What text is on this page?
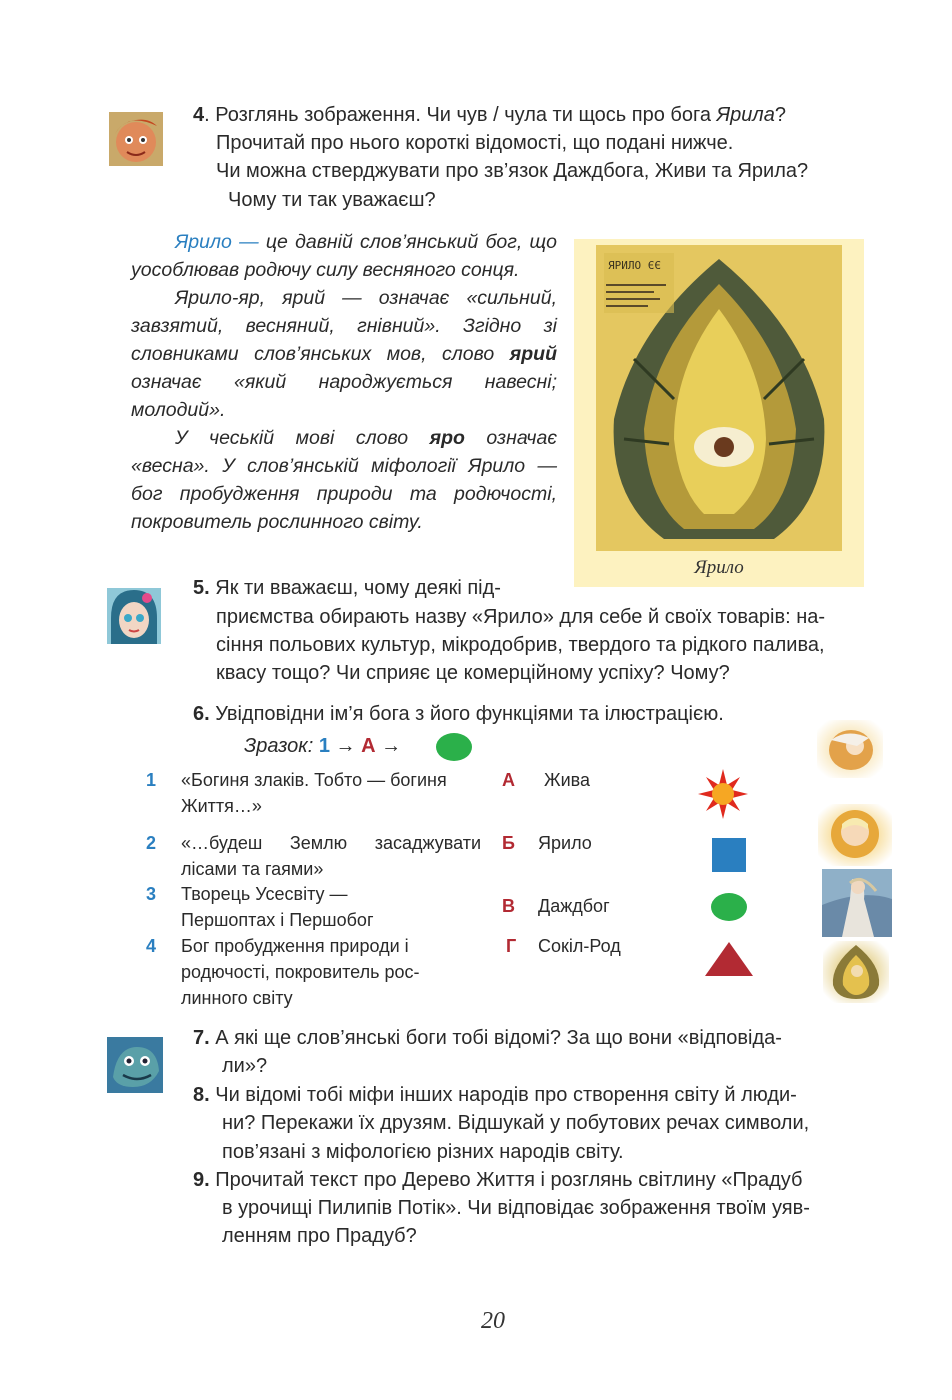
4. Розглянь зображення. Чи чув / чула ти щось про бога Ярила?
Прочитай про нього короткі відомості, що подані нижче.
Чи можна стверджувати про зв’язок Даждбога, Живи та Ярила?
Чому ти так уважаєш?

Ярило — це давній слов’янський бог, що уособлював родючу силу весняного сонця.

Ярило-яр, ярий — означає «сильний, завзятий, весняний, гнівний». Згідно зі словниками слов’янських мов, слово ярий означає «який народжується навесні; молодий».

У чеській мові слово яро означає «весна». У слов’янській міфології Ярило — бог пробудження природи та родючості, покровитель рослинного світу.

ЯРИЛО ЄЄ
Ярило
5. Як ти вважаєш, чому деякі під-
приємства обирають назву «Ярило» для себе й своїх товарів: на-
сіння польових культур, мікродобрив, твердого та рідкого палива,
квасу тощо? Чи сприяє це комерційному успіху? Чому?
6. Увідповідни ім’я бога з його функціями та ілюстрацією.
Зразок: 1 → А →
1 «Богиня злаків. Тобто — богиня
Життя…»
2 «…будеш Землю засаджувати
лісами та гаями»
3 Творець Усесвіту —
Першоптах і Першобог
4 Бог пробудження природи і
родючості, покровитель рос-
линного світу
А Жива
Б Ярило
В Даждбог
Г Сокіл-Род
7. А які ще слов’янські боги тобі відомі? За що вони «відповіда-
ли»?
8. Чи відомі тобі міфи інших народів про створення світу й люди-
ни? Перекажи їх друзям. Відшукай у побутових речах символи,
пов’язані з міфологією різних народів світу.
9. Прочитай текст про Дерево Життя і розглянь світлину «Прадуб
в урочищі Пилипів Потік». Чи відповідає зображення твоїм уяв-
ленням про Прадуб?
20
